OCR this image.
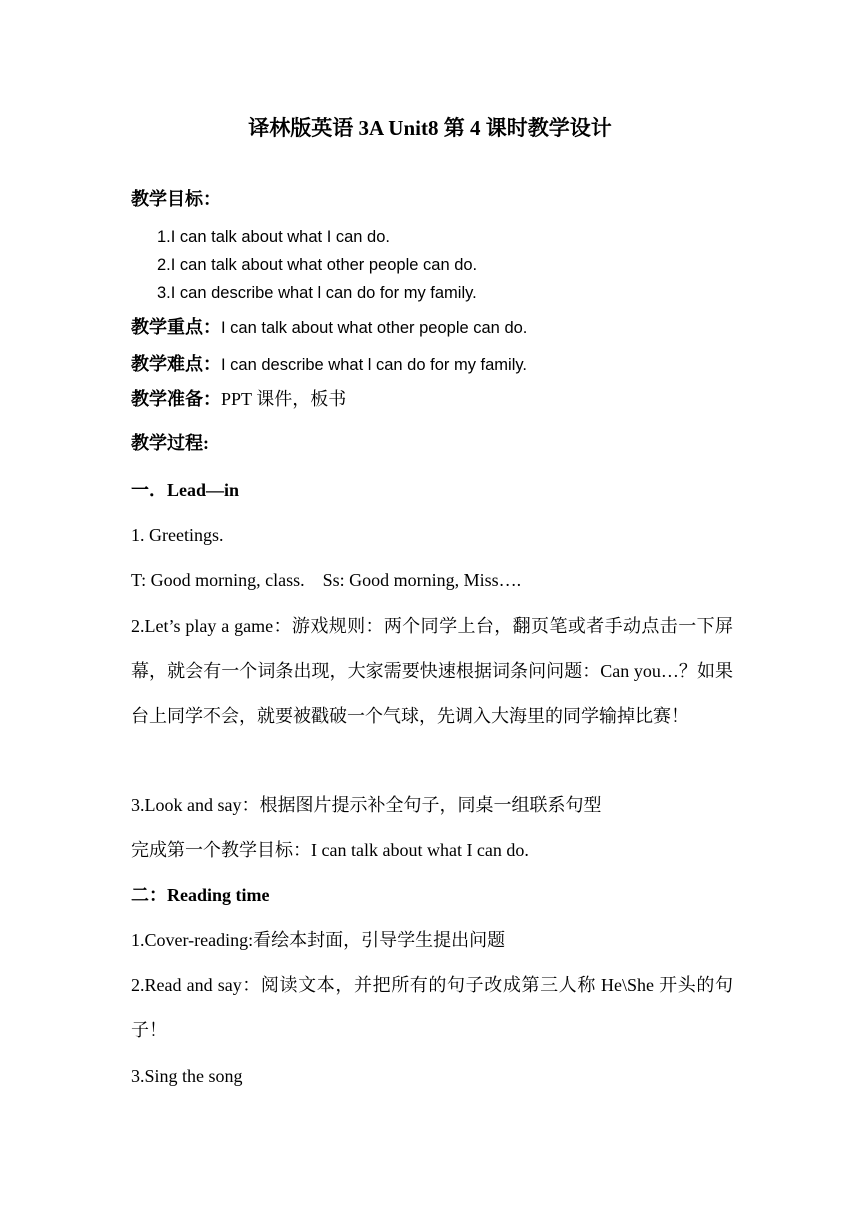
译林版英语 3A Unit8 第 4 课时教学设计
教学目标：
1.I can talk about what I can do.
2.I can talk about what other people can do.
3.I can describe what l can do for my family.
教学重点：I can talk about what other people can do.
教学难点：I can describe what l can do for my family.
教学准备：PPT 课件，板书
教学过程:
一．Lead—in
1. Greetings.
T: Good morning, class.    Ss: Good morning, Miss….
2.Let’s play a game：游戏规则：两个同学上台，翻页笔或者手动点击一下屏幕，就会有一个词条出现，大家需要快速根据词条问问题：Can you…？如果台上同学不会，就要被戳破一个气球，先调入大海里的同学输掉比赛！
3.Look and say：根据图片提示补全句子，同桌一组联系句型
完成第一个教学目标：I can talk about what I can do.
二：Reading time
1.Cover-reading:看绘本封面，引导学生提出问题
2.Read and say：阅读文本，并把所有的句子改成第三人称 He\She 开头的句子！
3.Sing the song
